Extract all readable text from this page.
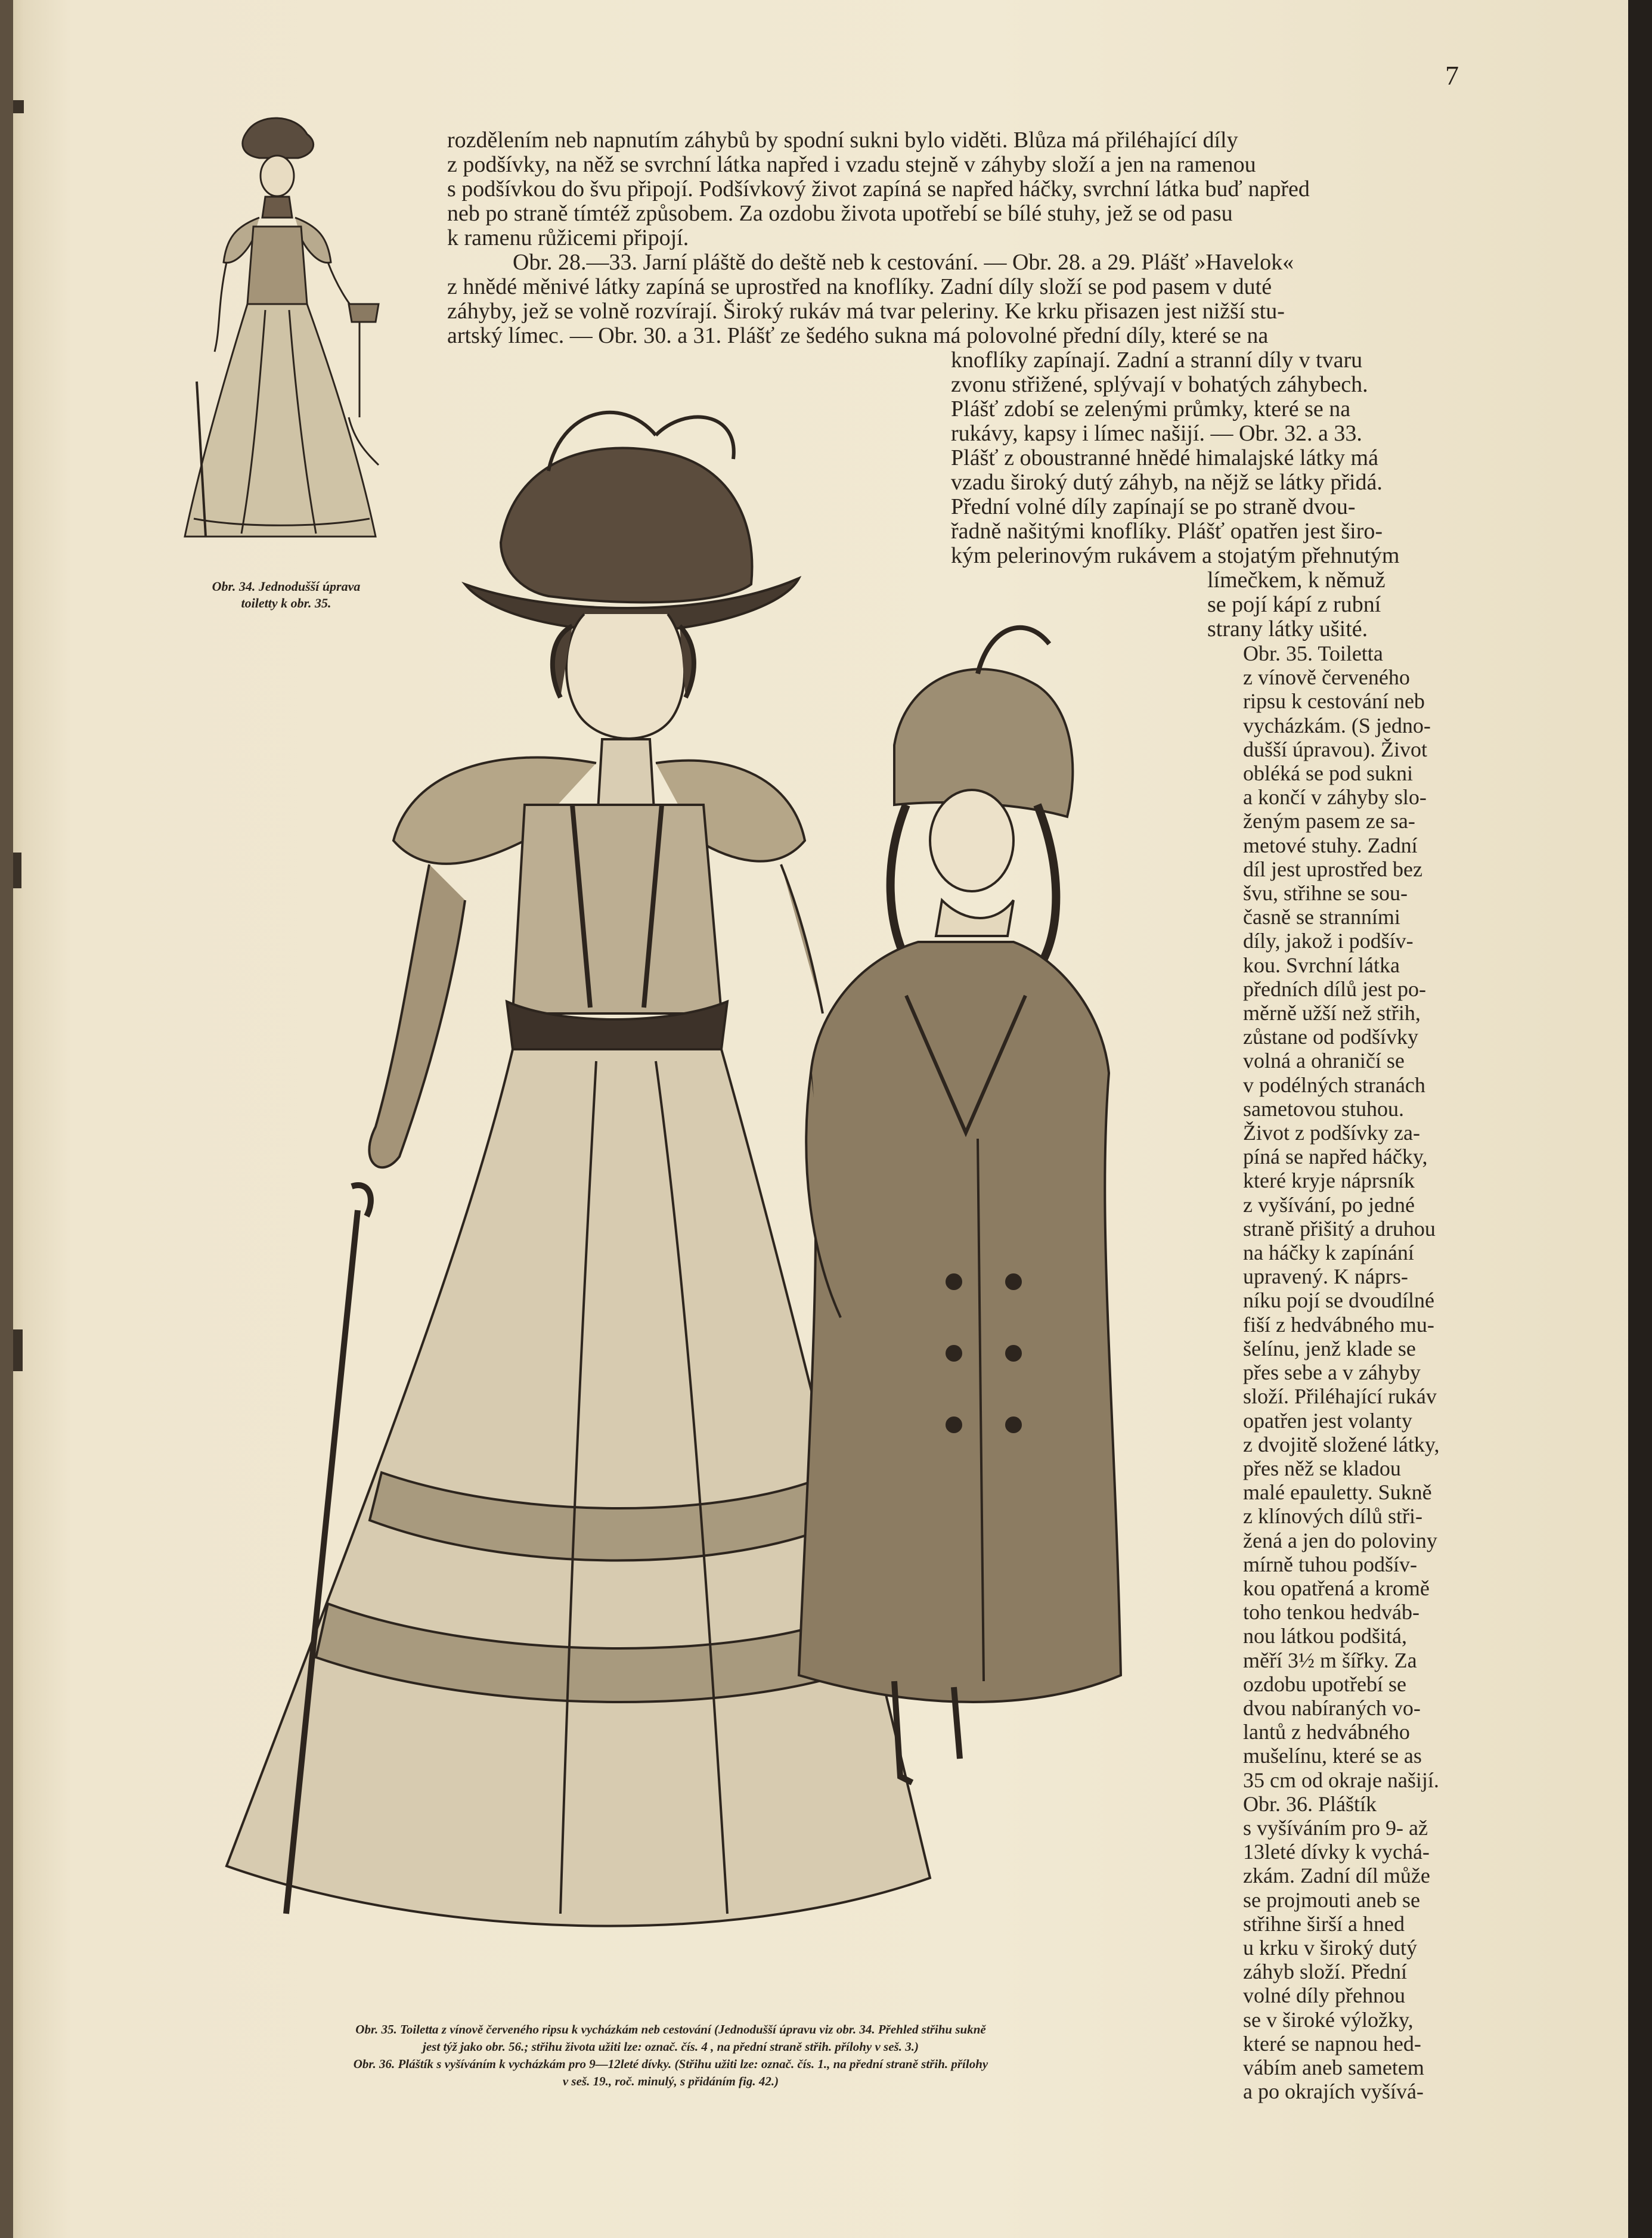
7
Obr. 34. Jednodušší úprava
toiletty k obr. 35.
rozdělením neb napnutím záhybů by spodní sukni bylo viděti. Blůza má přiléhající díly
z podšívky, na něž se svrchní látka napřed i vzadu stejně v záhyby složí a jen na ramenou
s podšívkou do švu připojí. Podšívkový život zapíná se napřed háčky, svrchní látka buď napřed
neb po straně tímtéž způsobem. Za ozdobu života upotřebí se bílé stuhy, jež se od pasu
k ramenu růžicemi připojí.
Obr. 28.—33. Jarní pláště do deště neb k cestování. — Obr. 28. a 29. Plášť »Havelok«
z hnědé měnivé látky zapíná se uprostřed na knoflíky. Zadní díly složí se pod pasem v duté
záhyby, jež se volně rozvírají. Široký rukáv má tvar peleriny. Ke krku přisazen jest nižší stu-
artský límec. — Obr. 30. a 31. Plášť ze šedého sukna má polovolné přední díly, které se na
knoflíky zapínají. Zadní a stranní díly v tvaru
zvonu střižené, splývají v bohatých záhybech.
Plášť zdobí se zelenými průmky, které se na
rukávy, kapsy i límec našijí. — Obr. 32. a 33.
Plášť z oboustranné hnědé himalajské látky má
vzadu široký dutý záhyb, na nějž se látky přidá.
Přední volné díly zapínají se po straně dvou-
řadně našitými knoflíky. Plášť opatřen jest širo-
kým pelerinovým rukávem a stojatým přehnutým
límečkem, k němuž
se pojí kápí z rubní
strany látky ušité.
Obr. 35. Toiletta
z vínově červeného
ripsu k cestování neb
vycházkám. (S jedno-
dušší úpravou). Život
obléká se pod sukni
a končí v záhyby slo-
ženým pasem ze sa-
metové stuhy. Zadní
díl jest uprostřed bez
švu, střihne se sou-
časně se stranními
díly, jakož i podšív-
kou. Svrchní látka
předních dílů jest po-
měrně užší než střih,
zůstane od podšívky
volná a ohraničí se
v podélných stranách
sametovou stuhou.
Život z podšívky za-
píná se napřed háčky,
které kryje náprsník
z vyšívání, po jedné
straně přišitý a druhou
na háčky k zapínání
upravený. K náprs-
níku pojí se dvoudílné
fiší z hedvábného mu-
šelínu, jenž klade se
přes sebe a v záhyby
složí. Přiléhající rukáv
opatřen jest volanty
z dvojitě složené látky,
přes něž se kladou
malé epauletty. Sukně
z klínových dílů stři-
žená a jen do poloviny
mírně tuhou podšív-
kou opatřená a kromě
toho tenkou hedváb-
nou látkou podšitá,
měří 3½ m šířky. Za
ozdobu upotřebí se
dvou nabíraných vo-
lantů z hedvábného
mušelínu, které se as
35 cm od okraje našijí.
Obr. 36. Pláštík
s vyšíváním pro 9- až
13leté dívky k vychá-
zkám. Zadní díl může
se projmouti aneb se
střihne širší a hned
u krku v široký dutý
záhyb složí. Přední
volné díly přehnou
se v široké výložky,
které se napnou hed-
vábím aneb sametem
a po okrajích vyšívá-
Obr. 35. Toiletta z vínově červeného ripsu k vycházkám neb cestování (Jednodušší úpravu viz obr. 34. Přehled střihu sukně
jest týž jako obr. 56.; střihu života užiti lze: označ. čís. 4 , na přední straně střih. přílohy v seš. 3.)
Obr. 36. Pláštík s vyšíváním k vycházkám pro 9—12leté dívky. (Střihu užiti lze: označ. čís. 1., na přední straně střih. přílohy
v seš. 19., roč. minulý, s přidáním fig. 42.)
